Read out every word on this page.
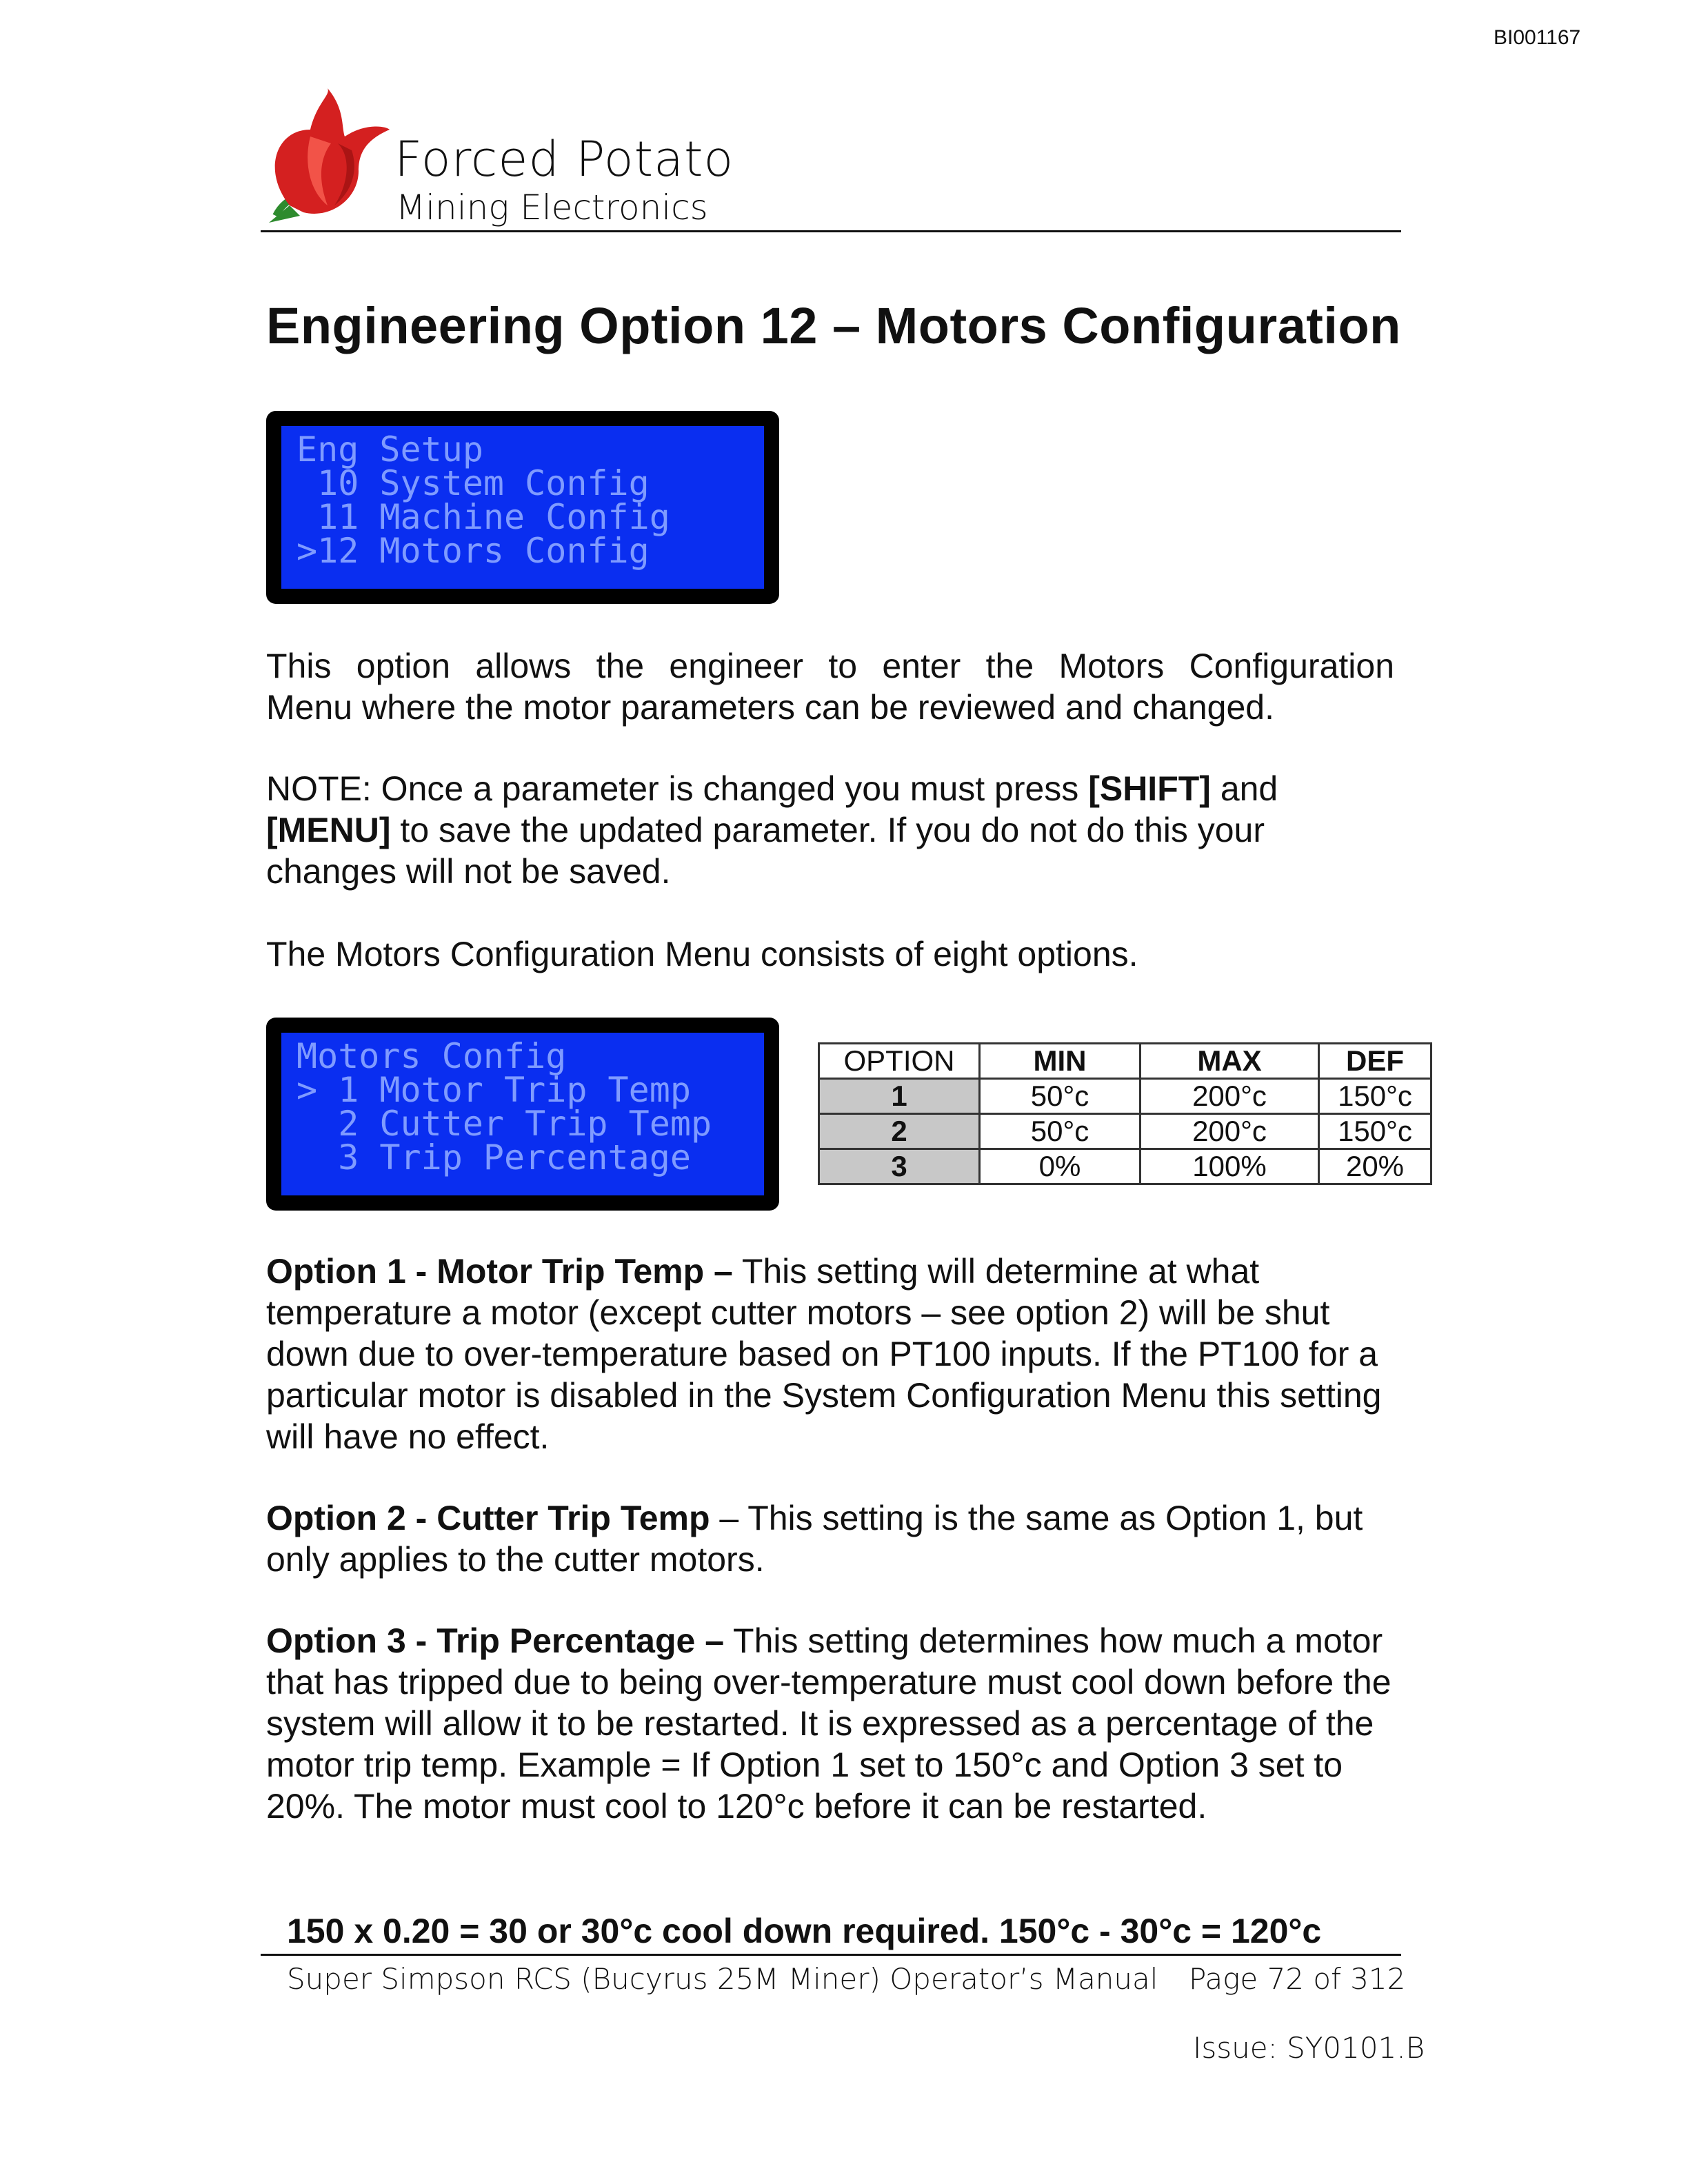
BI001167
Forced Potato
Mining Electronics
Engineering Option 12 – Motors Configuration
Eng Setup
10 System Config
11 Machine Config
>12 Motors Config
This option allows the engineer to enter the Motors Configuration
Menu where the motor parameters can be reviewed and changed.
NOTE: Once a parameter is changed you must press [SHIFT] and
[MENU] to save the updated parameter. If you do not do this your changes will not be saved.
The Motors Configuration Menu consists of eight options.
Motors Config
> 1 Motor Trip Temp
2 Cutter Trip Temp
3 Trip Percentage
OPTION	MIN	MAX	DEF
1	50°c	200°c	150°c
2	50°c	200°c	150°c
3	0%	100%	20%
Option 1 - Motor Trip Temp – This setting will determine at what temperature a motor (except cutter motors – see option 2) will be shut down due to over-temperature based on PT100 inputs. If the PT100 for a particular motor is disabled in the System Configuration Menu this setting will have no effect.
Option 2 - Cutter Trip Temp – This setting is the same as Option 1, but only applies to the cutter motors.
Option 3 - Trip Percentage – This setting determines how much a motor that has tripped due to being over-temperature must cool down before the system will allow it to be restarted. It is expressed as a percentage of the motor trip temp. Example = If Option 1 set to 150°c and Option 3 set to 20%. The motor must cool to 120°c before it can be restarted.
150 x 0.20 = 30 or 30°c cool down required. 150°c - 30°c = 120°c
Super Simpson RCS (Bucyrus 25M Miner) Operator’s Manual Page 72 of 312
Issue: SY0101.B
